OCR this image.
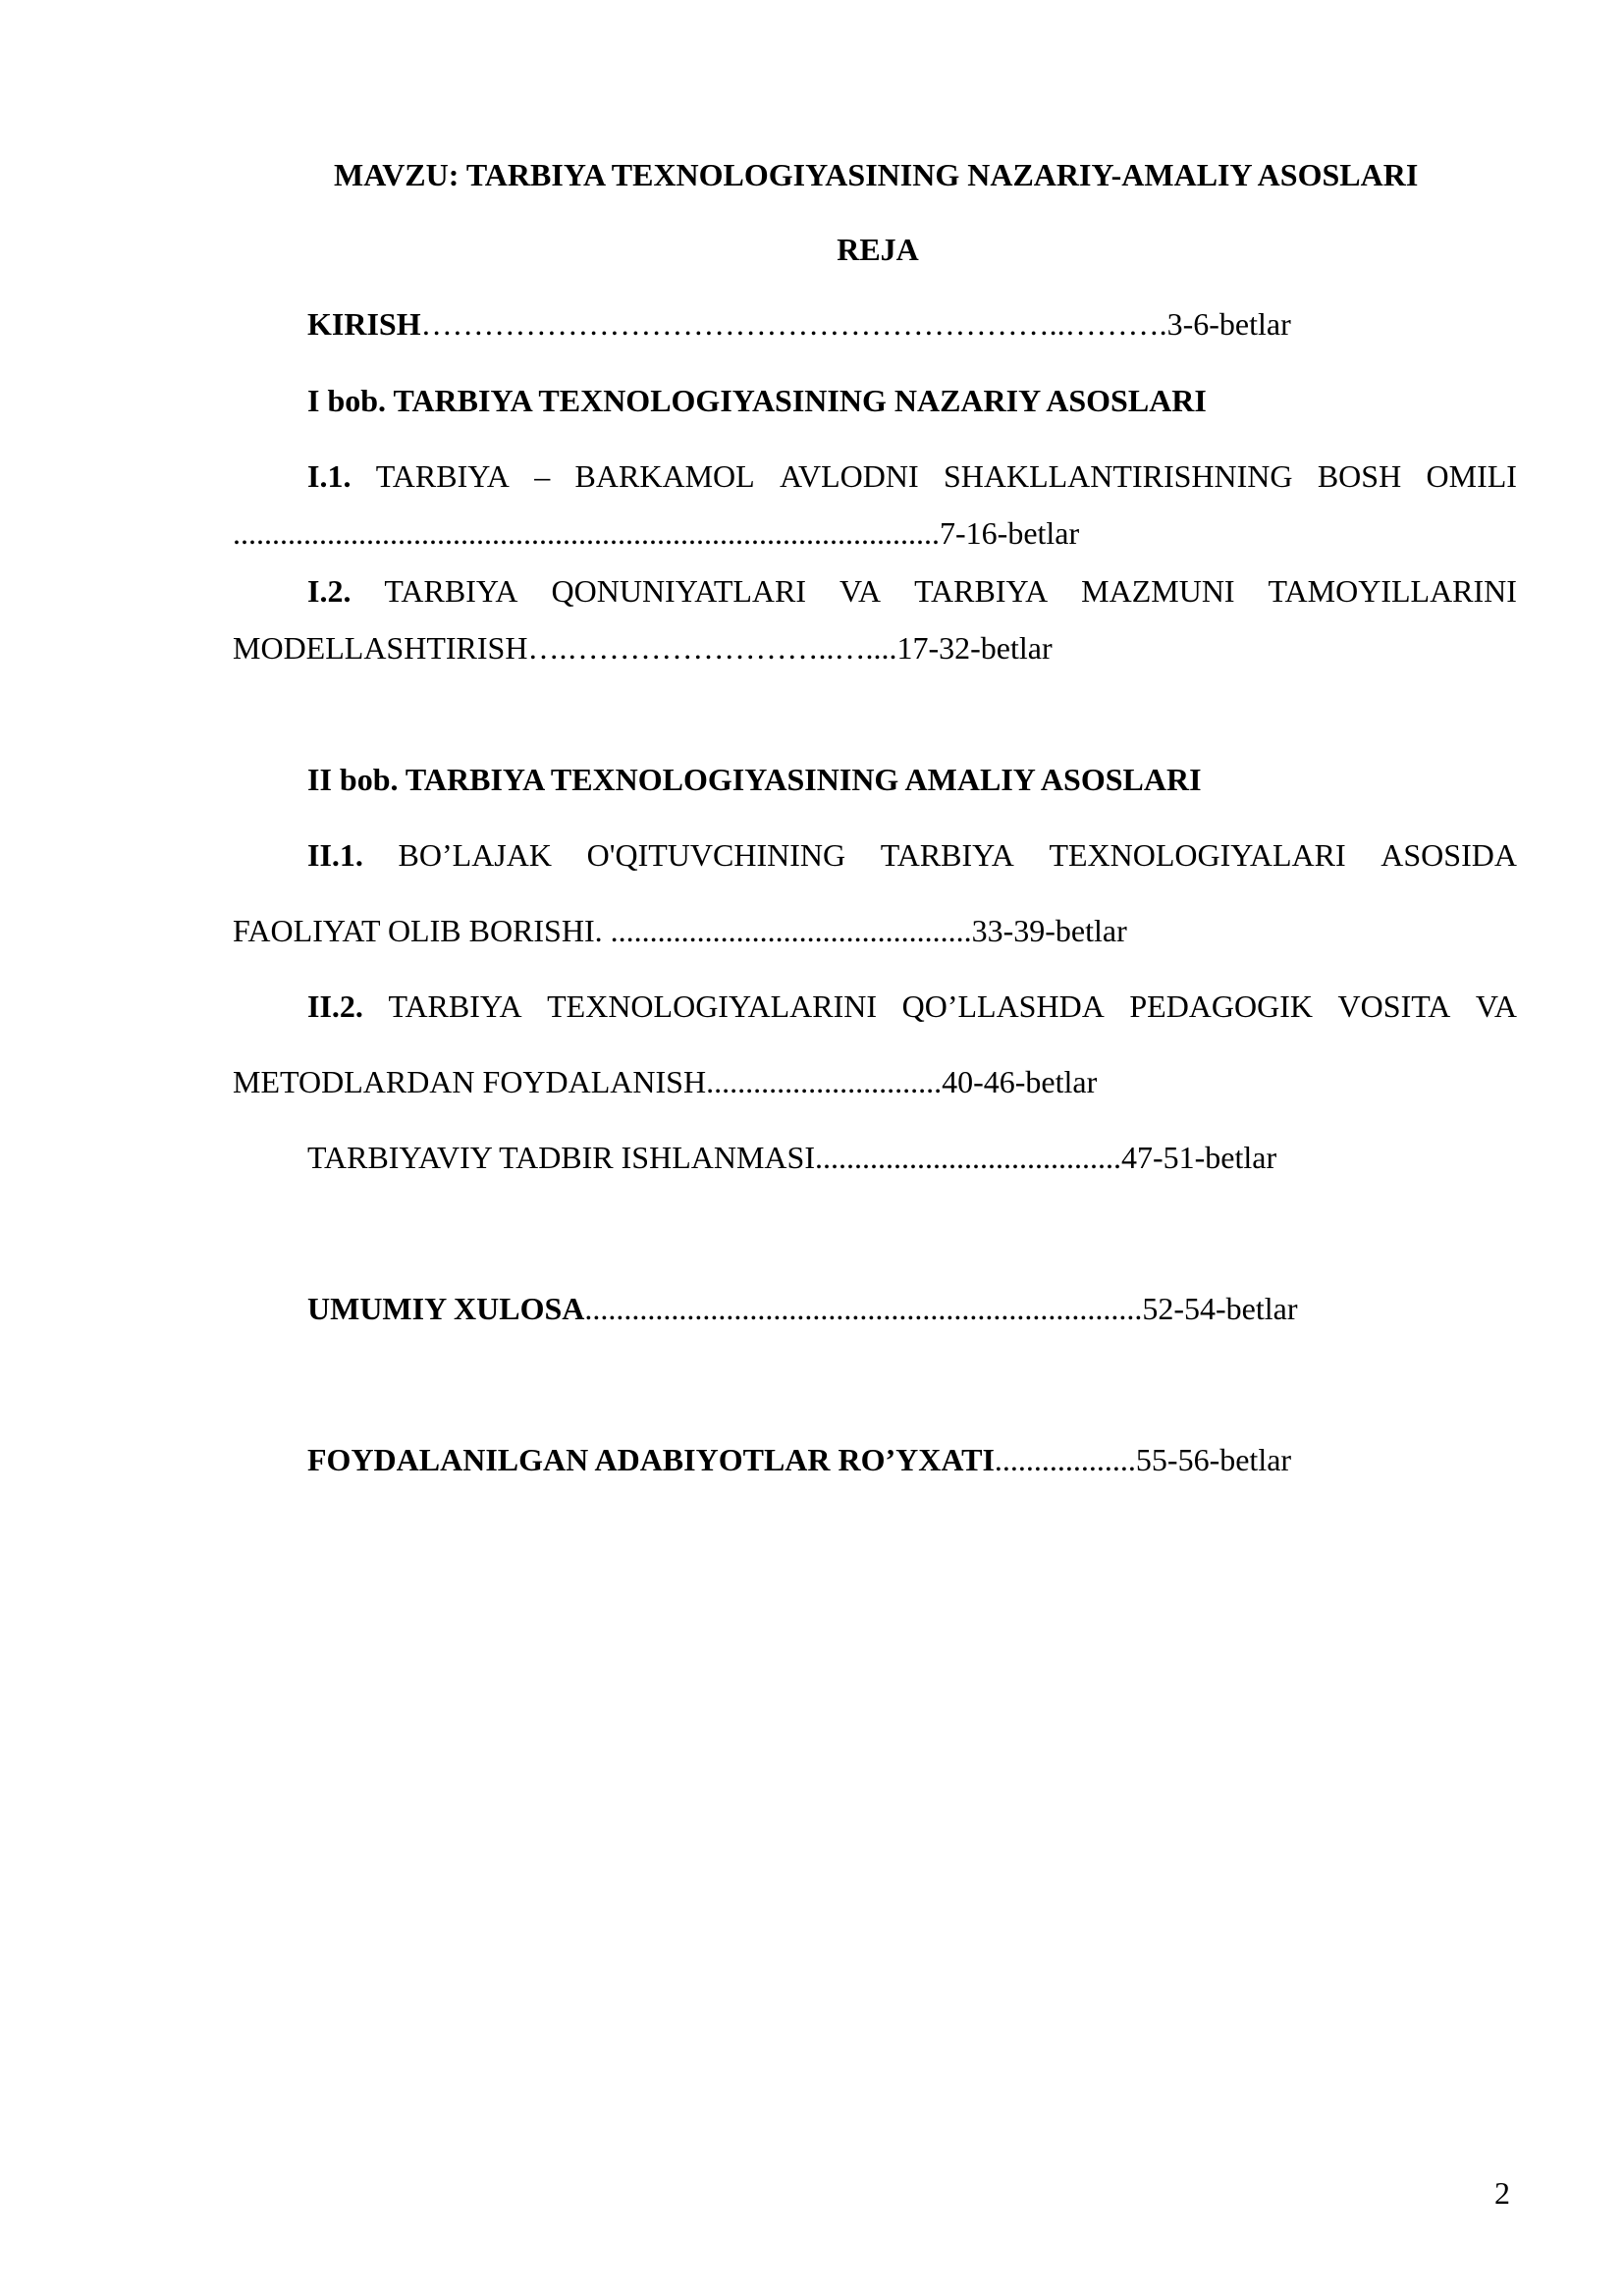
MAVZU: TARBIYA TEXNOLOGIYASINING NAZARIY-AMALIY ASOSLARI

REJA

KIRISH……………………………………………………..……….3-6-betlar

I bob. TARBIYA TEXNOLOGIYASINING NAZARIY ASOSLARI

I.1. TARBIYA – BARKAMOL AVLODNI SHAKLLANTIRISHNING BOSH OMILI

..........................................................................................7-16-betlar

I.2. TARBIYA QONUNIYATLARI VA TARBIYA MAZMUNI TAMOYILLARINI

MODELLASHTIRISH….……………………..…....17-32-betlar

II bob. TARBIYA TEXNOLOGIYASINING AMALIY ASOSLARI

II.1. BO’LAJAK O'QITUVCHINING TARBIYA TEXNOLOGIYALARI ASOSIDA

FAOLIYAT OLIB BORISHI. ..............................................33-39-betlar

II.2. TARBIYA TEXNOLOGIYALARINI QO’LLASHDA PEDAGOGIK VOSITA VA

METODLARDAN FOYDALANISH..............................40-46-betlar

TARBIYAVIY TADBIR ISHLANMASI.......................................47-51-betlar

UMUMIY XULOSA.......................................................................52-54-betlar

FOYDALANILGAN ADABIYOTLAR RO’YXATI..................55-56-betlar

2
